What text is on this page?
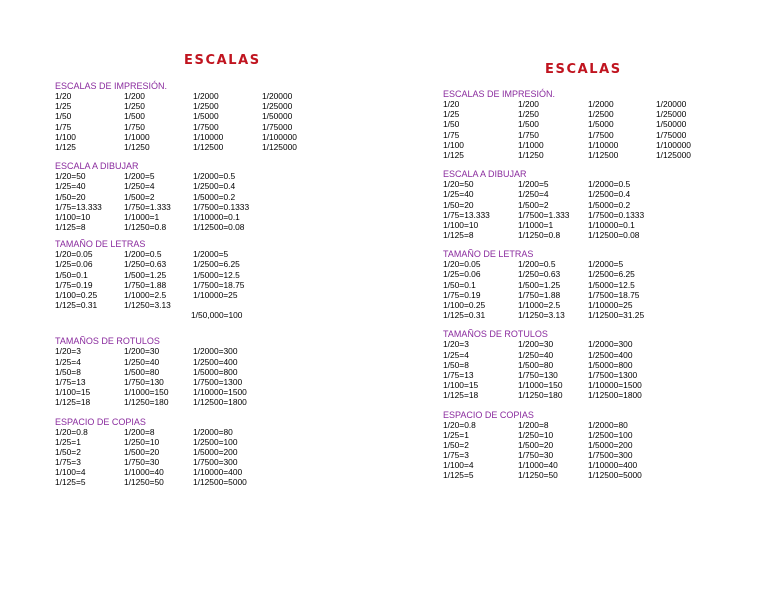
ESCALAS
ESCALAS DE IMPRESIÓN.
1/20	1/200	1/2000	1/20000
1/25	1/250	1/2500	1/25000
1/50	1/500	1/5000	1/50000
1/75	1/750	1/7500	1/75000
1/100	1/1000	1/10000	1/100000
1/125	1/1250	1/12500	1/125000
ESCALA A DIBUJAR
1/20=50	1/200=5	1/2000=0.5
1/25=40	1/250=4	1/2500=0.4
1/50=20	1/500=2	1/5000=0.2
1/75=13.333	1/750=1.333	1/7500=0.1333
1/100=10	1/1000=1	1/10000=0.1
1/125=8	1/1250=0.8	1/12500=0.08
TAMAÑO DE LETRAS
1/20=0.05	1/200=0.5	1/2000=5
1/25=0.06	1/250=0.63	1/2500=6.25
1/50=0.1	1/500=1.25	1/5000=12.5
1/75=0.19	1/750=1.88	1/7500=18.75
1/100=0.25	1/1000=2.5	1/10000=25
1/125=0.31	1/1250=3.13
1/50,000=100
TAMAÑOS DE ROTULOS
1/20=3	1/200=30	1/2000=300
1/25=4	1/250=40	1/2500=400
1/50=8	1/500=80	1/5000=800
1/75=13	1/750=130	1/7500=1300
1/100=15	1/1000=150	1/10000=1500
1/125=18	1/1250=180	1/12500=1800
ESPACIO DE COPIAS
1/20=0.8	1/200=8	1/2000=80
1/25=1	1/250=10	1/2500=100
1/50=2	1/500=20	1/5000=200
1/75=3	1/750=30	1/7500=300
1/100=4	1/1000=40	1/10000=400
1/125=5	1/1250=50	1/12500=5000
ESCALAS
ESCALAS DE IMPRESIÓN.
1/20	1/200	1/2000	1/20000
1/25	1/250	1/2500	1/25000
1/50	1/500	1/5000	1/50000
1/75	1/750	1/7500	1/75000
1/100	1/1000	1/10000	1/100000
1/125	1/1250	1/12500	1/125000
ESCALA A DIBUJAR
1/20=50	1/200=5	1/2000=0.5
1/25=40	1/250=4	1/2500=0.4
1/50=20	1/500=2	1/5000=0.2
1/75=13.333	1/7500=1.333 1/7500=0.1333
1/100=10	1/1000=1	1/10000=0.1
1/125=8	1/1250=0.8	1/12500=0.08
TAMAÑO DE LETRAS
1/20=0.05	1/200=0.5	1/2000=5
1/25=0.06	1/250=0.63	1/2500=6.25
1/50=0.1	1/500=1.25	1/5000=12.5
1/75=0.19	1/750=1.88	1/7500=18.75
1/100=0.25	1/1000=2.5	1/10000=25
1/125=0.31	1/1250=3.13	1/12500=31.25
TAMAÑOS DE ROTULOS
1/20=3	1/200=30	1/2000=300
1/25=4	1/250=40	1/2500=400
1/50=8	1/500=80	1/5000=800
1/75=13	1/750=130	1/7500=1300
1/100=15	1/1000=150	1/10000=1500
1/125=18	1/1250=180	1/12500=1800
ESPACIO DE COPIAS
1/20=0.8	1/200=8	1/2000=80
1/25=1	1/250=10	1/2500=100
1/50=2	1/500=20	1/5000=200
1/75=3	1/750=30	1/7500=300
1/100=4	1/1000=40	1/10000=400
1/125=5	1/1250=50	1/12500=5000
